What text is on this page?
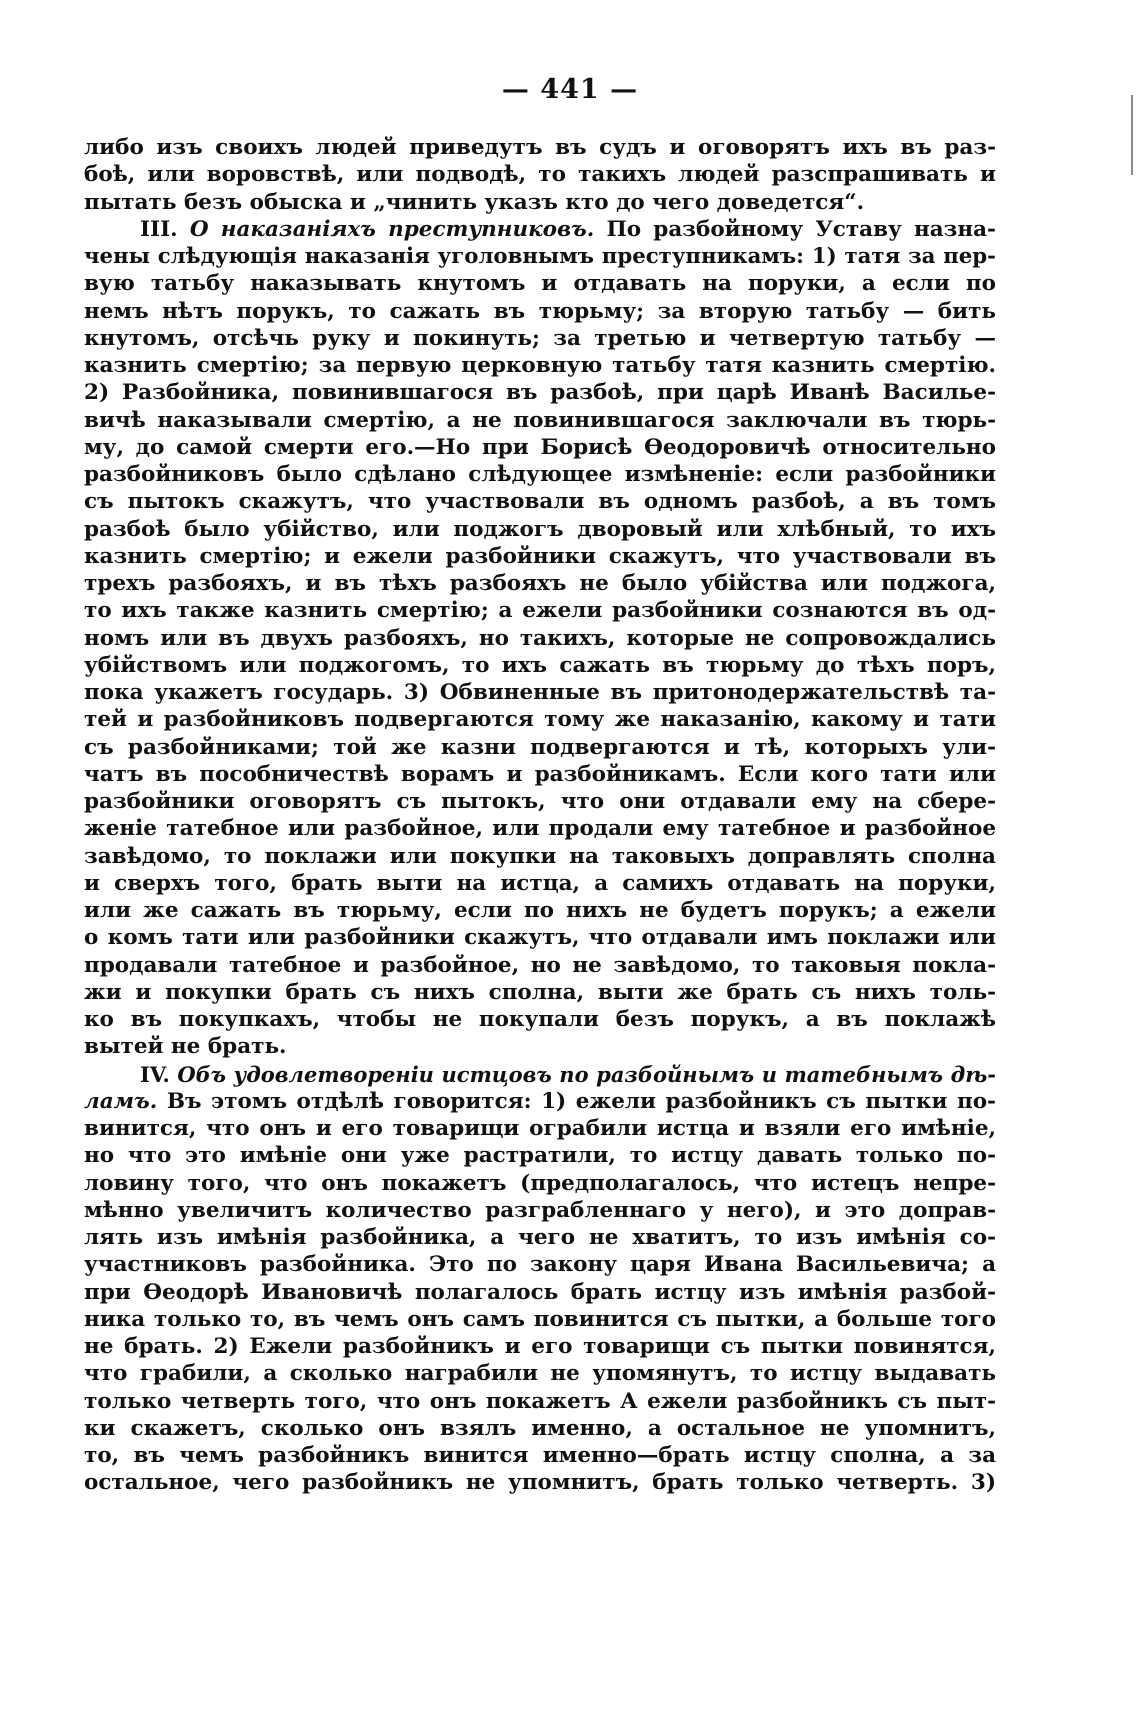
— 441 —
либо изъ своихъ людей приведутъ въ судъ и оговорятъ ихъ въ раз-
боѣ, или воровствѣ, или подводѣ, то такихъ людей разспрашивать и
пытать безъ обыска и „чинить указъ кто до чего доведется“.
III. О наказаніяхъ преступниковъ. По разбойному Уставу назна-
чены слѣдующія наказанія уголовнымъ преступникамъ: 1) татя за пер-
вую татьбу наказывать кнутомъ и отдавать на поруки, а если по
немъ нѣтъ порукъ, то сажать въ тюрьму; за вторую татьбу — бить
кнутомъ, отсѣчь руку и покинуть; за третью и четвертую татьбу —
казнить смертію; за первую церковную татьбу татя казнить смертію.
2) Разбойника, повинившагося въ разбоѣ, при царѣ Иванѣ Василье-
вичѣ наказывали смертію, а не повинившагося заключали въ тюрь-
му, до самой смерти его.—Но при Борисѣ Ѳеодоровичѣ относительно
разбойниковъ было сдѣлано слѣдующее измѣненіе: если разбойники
съ пытокъ скажутъ, что участвовали въ одномъ разбоѣ, а въ томъ
разбоѣ было убійство, или поджогъ дворовый или хлѣбный, то ихъ
казнить смертію; и ежели разбойники скажутъ, что участвовали въ
трехъ разбояхъ, и въ тѣхъ разбояхъ не было убійства или поджога,
то ихъ также казнить смертію; а ежели разбойники сознаются въ од-
номъ или въ двухъ разбояхъ, но такихъ, которые не сопровождались
убійствомъ или поджогомъ, то ихъ сажать въ тюрьму до тѣхъ поръ,
пока укажетъ государь. 3) Обвиненные въ притонодержательствѣ та-
тей и разбойниковъ подвергаются тому же наказанію, какому и тати
съ разбойниками; той же казни подвергаются и тѣ, которыхъ ули-
чатъ въ пособничествѣ ворамъ и разбойникамъ. Если кого тати или
разбойники оговорятъ съ пытокъ, что они отдавали ему на сбере-
женіе татебное или разбойное, или продали ему татебное и разбойное
завѣдомо, то поклажи или покупки на таковыхъ доправлять сполна
и сверхъ того, брать выти на истца, а самихъ отдавать на поруки,
или же сажать въ тюрьму, если по нихъ не будетъ порукъ; а ежели
о комъ тати или разбойники скажутъ, что отдавали имъ поклажи или
продавали татебное и разбойное, но не завѣдомо, то таковыя покла-
жи и покупки брать съ нихъ сполна, выти же брать съ нихъ толь-
ко въ покупкахъ, чтобы не покупали безъ порукъ, а въ поклажѣ
вытей не брать.
IV. Объ удовлетвореніи истцовъ по разбойнымъ и татебнымъ дѣ-
ламъ. Въ этомъ отдѣлѣ говорится: 1) ежели разбойникъ съ пытки по-
винится, что онъ и его товарищи ограбили истца и взяли его имѣніе,
но что это имѣніе они уже растратили, то истцу давать только по-
ловину того, что онъ покажетъ (предполагалось, что истецъ непре-
мѣнно увеличитъ количество разграбленнаго у него), и это доправ-
лять изъ имѣнія разбойника, а чего не хватитъ, то изъ имѣнія со-
участниковъ разбойника. Это по закону царя Ивана Васильевича; а
при Ѳеодорѣ Ивановичѣ полагалось брать истцу изъ имѣнія разбой-
ника только то, въ чемъ онъ самъ повинится съ пытки, а больше того
не брать. 2) Ежели разбойникъ и его товарищи съ пытки повинятся,
что грабили, а сколько награбили не упомянутъ, то истцу выдавать
только четверть того, что онъ покажетъ А ежели разбойникъ съ пыт-
ки скажетъ, сколько онъ взялъ именно, а остальное не упомнитъ,
то, въ чемъ разбойникъ винится именно—брать истцу сполна, а за
остальное, чего разбойникъ не упомнитъ, брать только четверть. 3)
